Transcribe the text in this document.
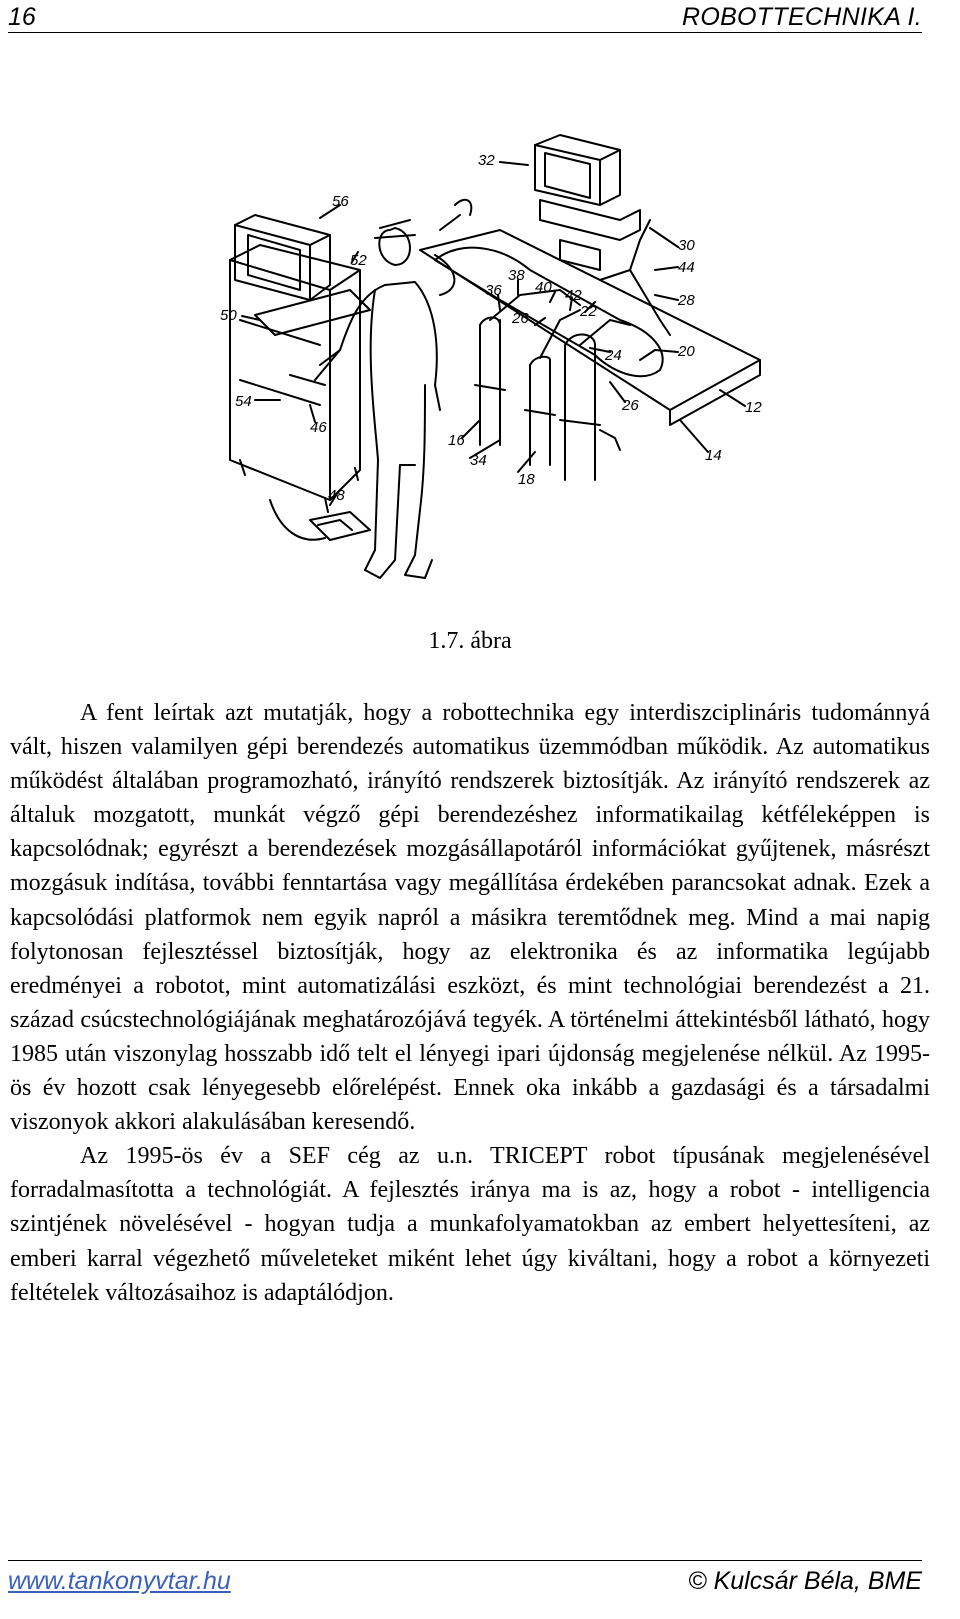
16	ROBOTTECHNIKA I.
32
56
52
50
54
46
48
30
44
28
38
36 40 42
22
26
24	20
26	12
16
34
18
14
1.7. ábra

A fent leírtak azt mutatják, hogy a robottechnika egy interdiszciplináris tudománnyá vált, hiszen valamilyen gépi berendezés automatikus üzemmódban működik. Az automatikus működést általában programozható, irányító rendszerek biztosítják. Az irányító rendszerek az általuk mozgatott, munkát végző gépi berendezéshez informatikailag kétféleképpen is kapcsolódnak; egyrészt a berendezések mozgásállapotáról információkat gyűjtenek, másrészt mozgásuk indítása, további fenntartása vagy megállítása érdekében parancsokat adnak. Ezek a kapcsolódási platformok nem egyik napról a másikra teremtődnek meg. Mind a mai napig folytonosan fejlesztéssel biztosítják, hogy az elektronika és az informatika legújabb eredményei a robotot, mint automatizálási eszközt, és mint technológiai berendezést a 21. század csúcstechnológiájának meghatározójává tegyék. A történelmi áttekintésből látható, hogy 1985 után viszonylag hosszabb idő telt el lényegi ipari újdonság megjelenése nélkül. Az 1995-ös év hozott csak lényegesebb előrelépést. Ennek oka inkább a gazdasági és a társadalmi viszonyok akkori alakulásában keresendő.

Az 1995-ös év a SEF cég az u.n. TRICEPT robot típusának megjelenésével forradalmasította a technológiát. A fejlesztés iránya ma is az, hogy a robot - intelligencia szintjének növelésével - hogyan tudja a munkafolyamatokban az embert helyettesíteni, az emberi karral végezhető műveleteket miként lehet úgy kiváltani, hogy a robot a környezeti feltételek változásaihoz is adaptálódjon.

www.tankonyvtar.hu	© Kulcsár Béla, BME
